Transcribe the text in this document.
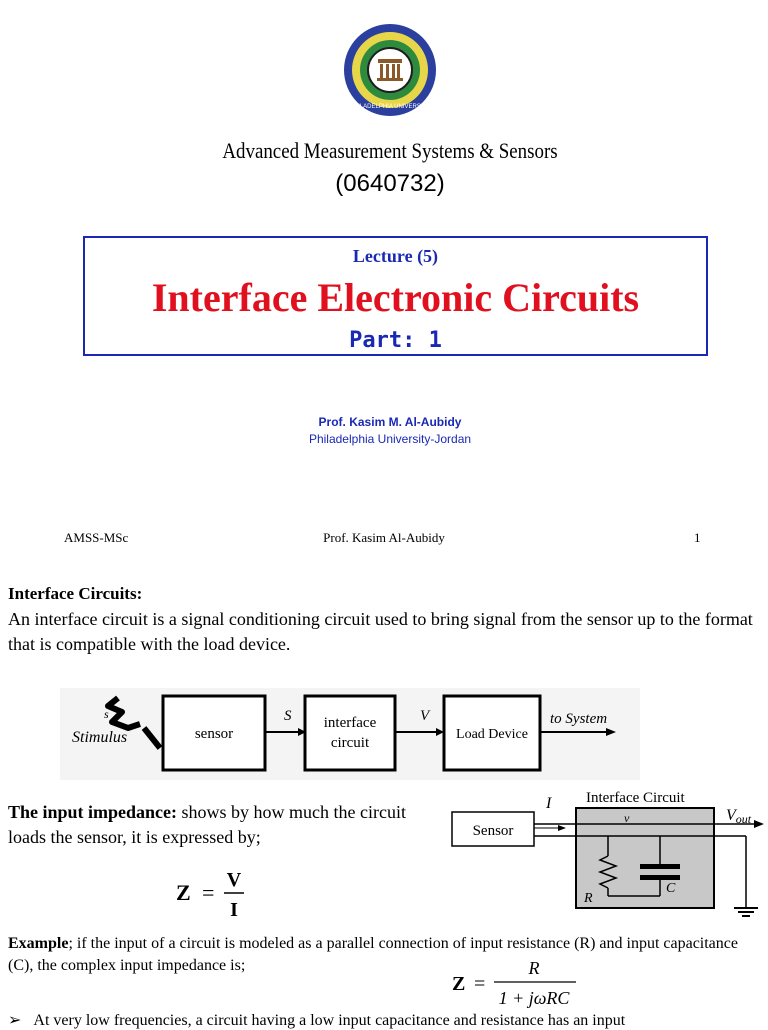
PHILADELPHIA UNIVERSITY
Advanced Measurement Systems & Sensors
(0640732)
Lecture (5)
Interface Electronic Circuits
Part: 1
Prof. Kasim M. Al-Aubidy
Philadelphia University-Jordan
AMSS-MSc	Prof. Kasim Al-Aubidy	1
Interface Circuits:
An interface circuit is a signal conditioning circuit used to bring signal from the sensor up to the format that is compatible with the load device.
s
Stimulus	sensor
S interface
circuit
V
Load Device
to System
The input impedance: shows by how much the circuit loads the sensor, it is expressed by;
Z = V
I
Interface Circuit
Sensor
I
v
R
C
Vout
Example; if the input of a circuit is modeled as a parallel connection of input resistance (R) and input capacitance (C), the complex input impedance is;
Z =
R
1 + jωRC
➢   At very low frequencies, a circuit having a low input capacitance and resistance has an input
